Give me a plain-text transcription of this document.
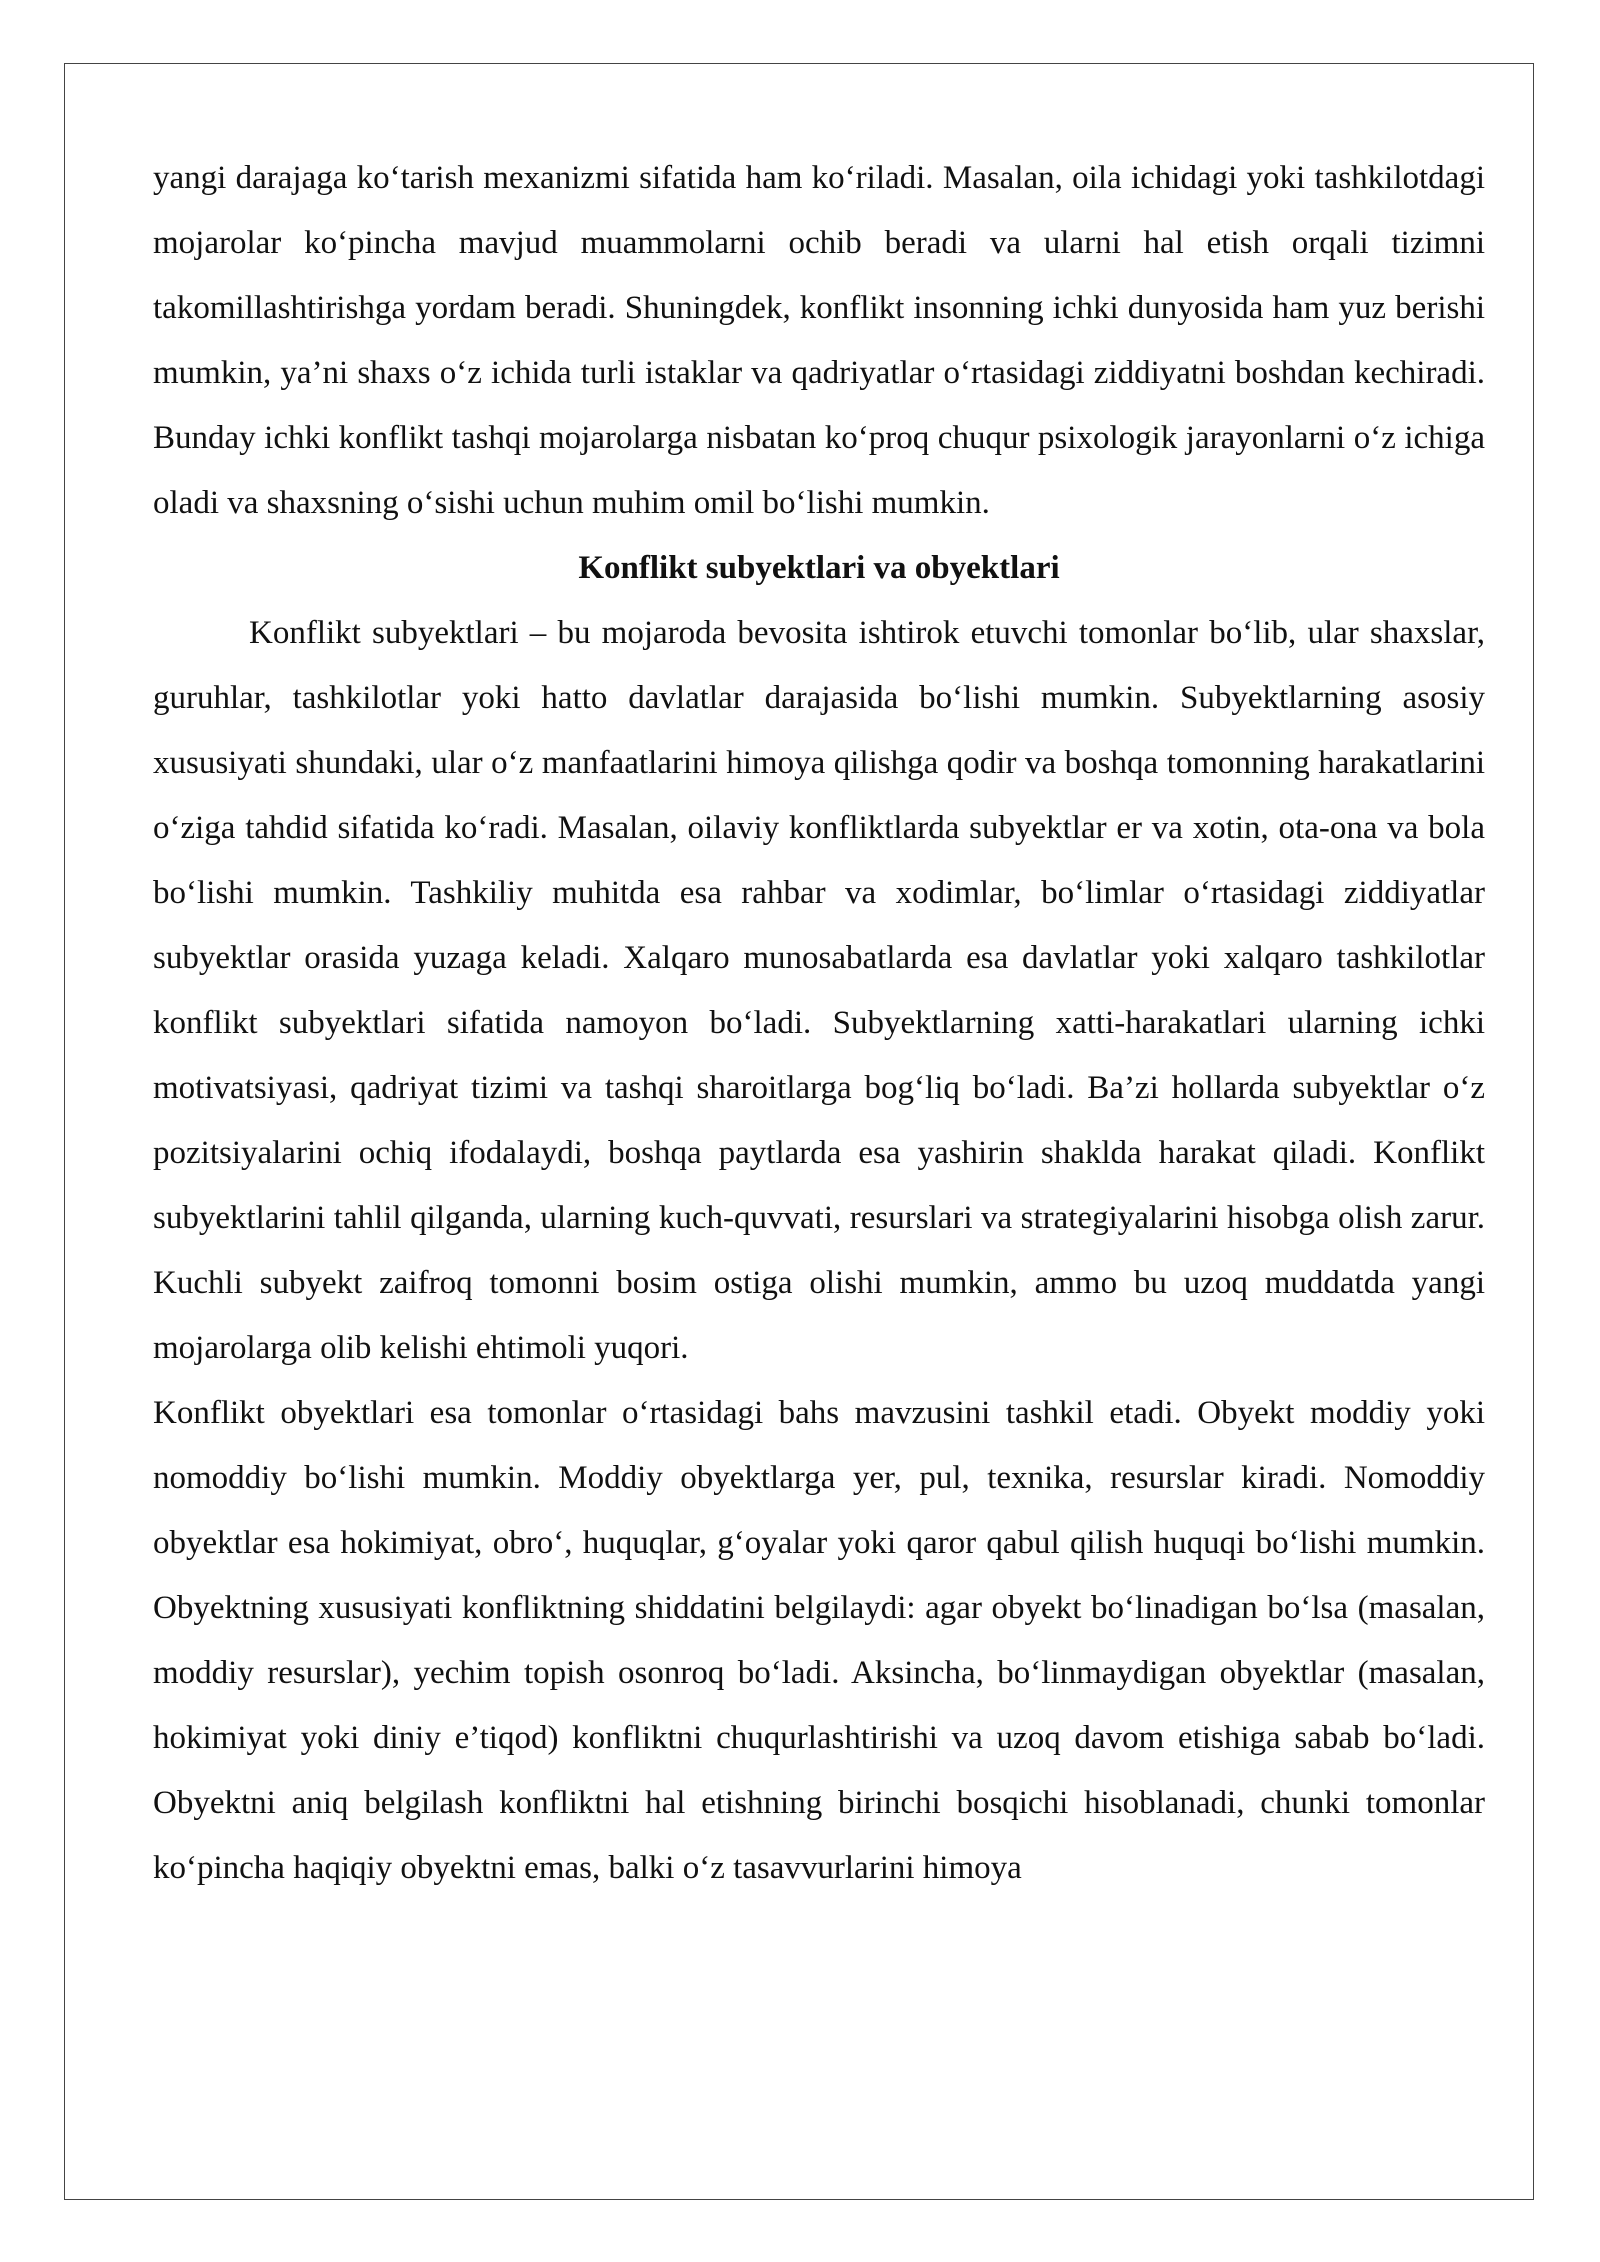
yangi darajaga ko‘tarish mexanizmi sifatida ham ko‘riladi. Masalan, oila ichidagi yoki tashkilotdagi mojarolar ko‘pincha mavjud muammolarni ochib beradi va ularni hal etish orqali tizimni takomillashtirishga yordam beradi. Shuningdek, konflikt insonning ichki dunyosida ham yuz berishi mumkin, ya’ni shaxs o‘z ichida turli istaklar va qadriyatlar o‘rtasidagi ziddiyatni boshdan kechiradi. Bunday ichki konflikt tashqi mojarolarga nisbatan ko‘proq chuqur psixologik jarayonlarni o‘z ichiga oladi va shaxsning o‘sishi uchun muhim omil bo‘lishi mumkin.

Konflikt subyektlari va obyektlari

Konflikt subyektlari – bu mojaroda bevosita ishtirok etuvchi tomonlar bo‘lib, ular shaxslar, guruhlar, tashkilotlar yoki hatto davlatlar darajasida bo‘lishi mumkin. Subyektlarning asosiy xususiyati shundaki, ular o‘z manfaatlarini himoya qilishga qodir va boshqa tomonning harakatlarini o‘ziga tahdid sifatida ko‘radi. Masalan, oilaviy konfliktlarda subyektlar er va xotin, ota-ona va bola bo‘lishi mumkin. Tashkiliy muhitda esa rahbar va xodimlar, bo‘limlar o‘rtasidagi ziddiyatlar subyektlar orasida yuzaga keladi. Xalqaro munosabatlarda esa davlatlar yoki xalqaro tashkilotlar konflikt subyektlari sifatida namoyon bo‘ladi. Subyektlarning xatti-harakatlari ularning ichki motivatsiyasi, qadriyat tizimi va tashqi sharoitlarga bog‘liq bo‘ladi. Ba’zi hollarda subyektlar o‘z pozitsiyalarini ochiq ifodalaydi, boshqa paytlarda esa yashirin shaklda harakat qiladi. Konflikt subyektlarini tahlil qilganda, ularning kuch-quvvati, resurslari va strategiyalarini hisobga olish zarur. Kuchli subyekt zaifroq tomonni bosim ostiga olishi mumkin, ammo bu uzoq muddatda yangi mojarolarga olib kelishi ehtimoli yuqori.

Konflikt obyektlari esa tomonlar o‘rtasidagi bahs mavzusini tashkil etadi. Obyekt moddiy yoki nomoddiy bo‘lishi mumkin. Moddiy obyektlarga yer, pul, texnika, resurslar kiradi. Nomoddiy obyektlar esa hokimiyat, obro‘, huquqlar, g‘oyalar yoki qaror qabul qilish huquqi bo‘lishi mumkin. Obyektning xususiyati konfliktning shiddatini belgilaydi: agar obyekt bo‘linadigan bo‘lsa (masalan, moddiy resurslar), yechim topish osonroq bo‘ladi. Aksincha, bo‘linmaydigan obyektlar (masalan, hokimiyat yoki diniy e’tiqod) konfliktni chuqurlashtirishi va uzoq davom etishiga sabab bo‘ladi. Obyektni aniq belgilash konfliktni hal etishning birinchi bosqichi hisoblanadi, chunki tomonlar ko‘pincha haqiqiy obyektni emas, balki o‘z tasavvurlarini himoya
